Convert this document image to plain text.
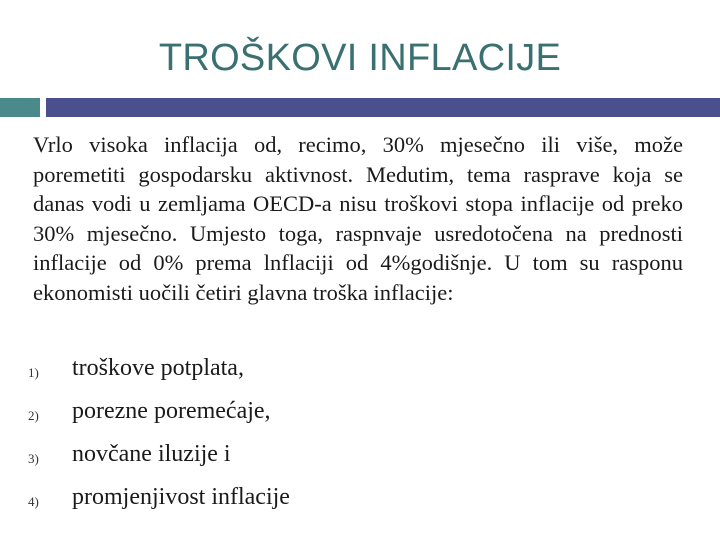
TROŠKOVI INFLACIJE
Vrlo visoka inflacija od, recimo, 30% mjesečno ili više, može poremetiti gospodarsku aktivnost. Medutim, tema rasprave koja se danas vodi u zemljama OECD-a nisu troškovi stopa inflacije od preko 30% mjesečno. Umjesto toga, raspnvaje usredotočena na prednosti inflacije od 0% prema lnflaciji od 4%godišnje. U tom su rasponu ekonomisti uočili četiri glavna troška inflacije:
1) troškove potplata,
2) porezne poremećaje,
3) novčane iluzije i
4) promjenjivost inflacije
